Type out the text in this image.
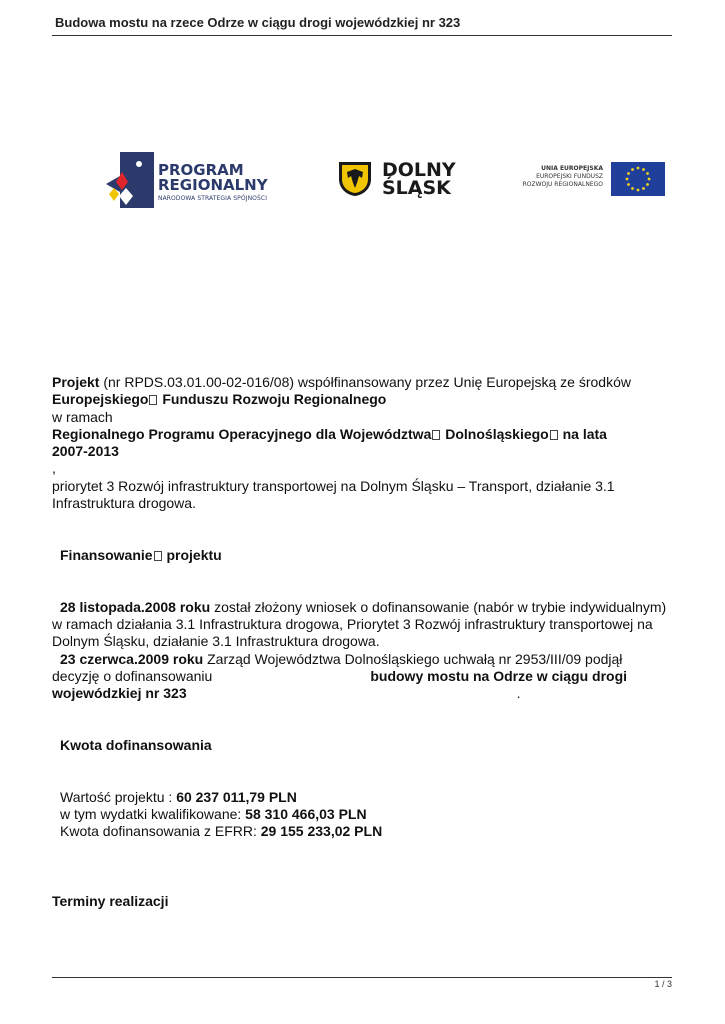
Budowa mostu na rzece Odrze w ciągu drogi wojewódzkiej nr 323
PROGRAM
REGIONALNY
NARODOWA STRATEGIA SPÓJNOŚCI
DOLNY
ŚLĄSK
UNIA EUROPEJSKA
EUROPEJSKI FUNDUSZ
ROZWOJU REGIONALNEGO

Projekt (nr RPDS.03.01.00-02-016/08) współfinansowany przez Unię Europejską ze środków

Europejskiego Funduszu Rozwoju Regionalnego

w ramach

Regionalnego Programu Operacyjnego dla Województwa Dolnośląskiego na lata

2007-2013

,

priorytet 3 Rozwój infrastruktury transportowej na Dolnym Śląsku – Transport, działanie 3.1 Infrastruktura drogowa.

Finansowanie projektu

28 listopada.2008 roku został złożony wniosek o dofinansowanie (nabór w trybie indywidualnym) w ramach działania 3.1 Infrastruktura drogowa, Priorytet 3 Rozwój infrastruktury transportowej na Dolnym Śląsku, działanie 3.1 Infrastruktura drogowa.

23 czerwca.2009 roku Zarząd Województwa Dolnośląskiego uchwałą nr 2953/III/09 podjął

decyzję o dofinansowaniu	budowy mostu na Odrze w ciągu drogi

wojewódzkiej nr 323	.

Kwota dofinansowania

Wartość projektu : 60 237 011,79 PLN

w tym wydatki kwalifikowane: 58 310 466,03 PLN

Kwota dofinansowania z EFRR: 29 155 233,02 PLN

Terminy realizacji

1 / 3
